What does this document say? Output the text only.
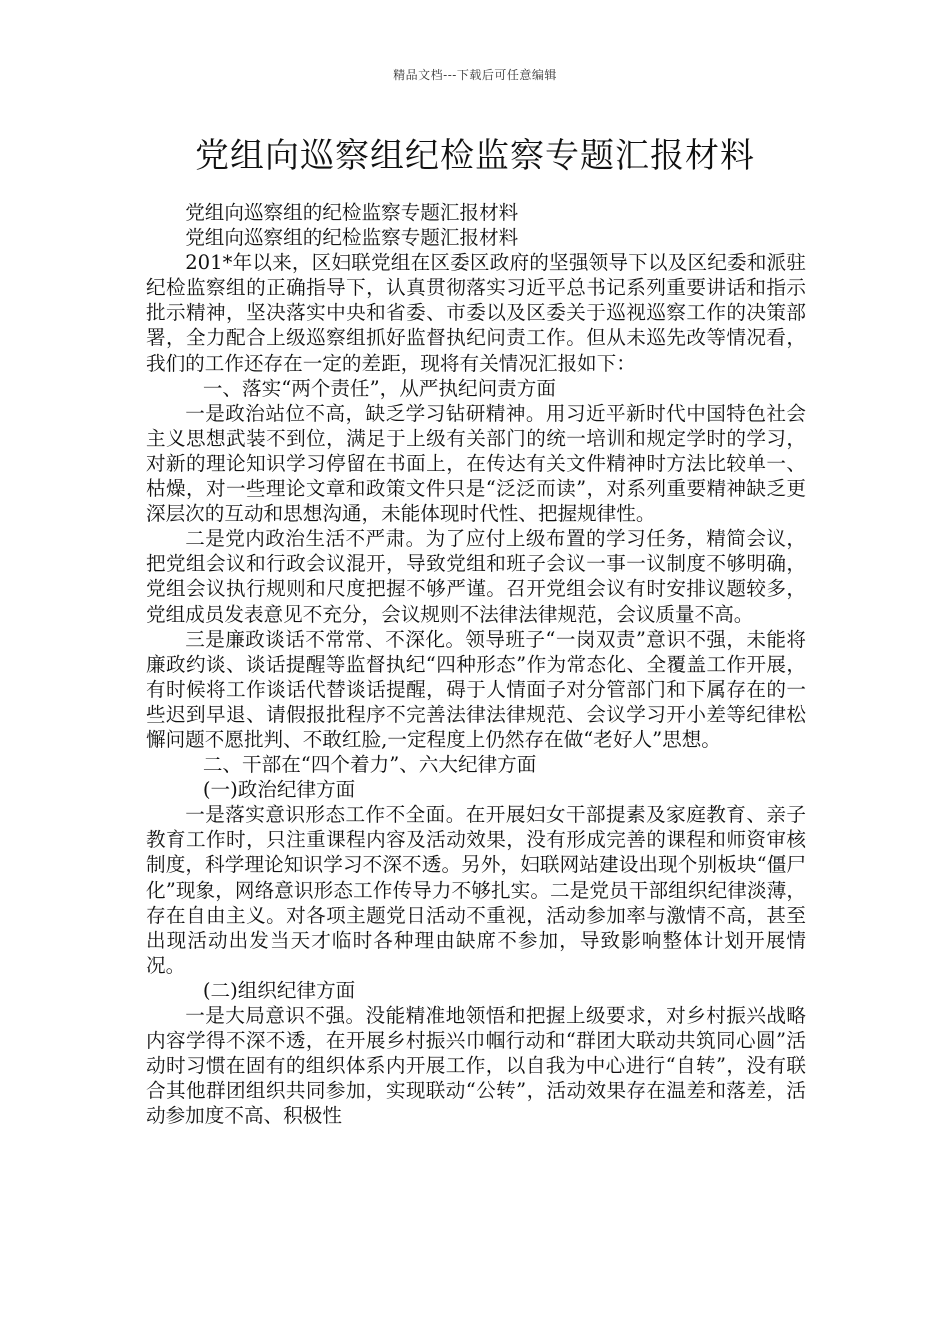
精品文档---下载后可任意编辑
党组向巡察组纪检监察专题汇报材料

党组向巡察组的纪检监察专题汇报材料

党组向巡察组的纪检监察专题汇报材料

201*年以来，区妇联党组在区委区政府的坚强领导下以及区纪委和派驻纪检监察组的正确指导下，认真贯彻落实习近平总书记系列重要讲话和指示批示精神，坚决落实中央和省委、市委以及区委关于巡视巡察工作的决策部署，全力配合上级巡察组抓好监督执纪问责工作。但从未巡先改等情况看，我们的工作还存在一定的差距，现将有关情况汇报如下：

一、落实“两个责任”，从严执纪问责方面

一是政治站位不高，缺乏学习钻研精神。用习近平新时代中国特色社会主义思想武装不到位，满足于上级有关部门的统一培训和规定学时的学习，对新的理论知识学习停留在书面上，在传达有关文件精神时方法比较单一、枯燥，对一些理论文章和政策文件只是“泛泛而读”，对系列重要精神缺乏更深层次的互动和思想沟通，未能体现时代性、把握规律性。

二是党内政治生活不严肃。为了应付上级布置的学习任务，精简会议，把党组会议和行政会议混开，导致党组和班子会议一事一议制度不够明确，党组会议执行规则和尺度把握不够严谨。召开党组会议有时安排议题较多，党组成员发表意见不充分，会议规则不法律法律规范，会议质量不高。

三是廉政谈话不常常、不深化。领导班子“一岗双责”意识不强，未能将廉政约谈、谈话提醒等监督执纪“四种形态”作为常态化、全覆盖工作开展，有时候将工作谈话代替谈话提醒，碍于人情面子对分管部门和下属存在的一些迟到早退、请假报批程序不完善法律法律规范、会议学习开小差等纪律松懈问题不愿批判、不敢红脸,一定程度上仍然存在做“老好人”思想。

二、干部在“四个着力”、六大纪律方面

(一)政治纪律方面

一是落实意识形态工作不全面。在开展妇女干部提素及家庭教育、亲子教育工作时，只注重课程内容及活动效果，没有形成完善的课程和师资审核制度，科学理论知识学习不深不透。另外，妇联网站建设出现个别板块“僵尸化”现象，网络意识形态工作传导力不够扎实。二是党员干部组织纪律淡薄，存在自由主义。对各项主题党日活动不重视，活动参加率与激情不高，甚至出现活动出发当天才临时各种理由缺席不参加，导致影响整体计划开展情况。

(二)组织纪律方面

一是大局意识不强。没能精准地领悟和把握上级要求，对乡村振兴战略内容学得不深不透，在开展乡村振兴巾帼行动和“群团大联动共筑同心圆”活动时习惯在固有的组织体系内开展工作，以自我为中心进行“自转”，没有联合其他群团组织共同参加，实现联动“公转”，活动效果存在温差和落差，活动参加度不高、积极性
